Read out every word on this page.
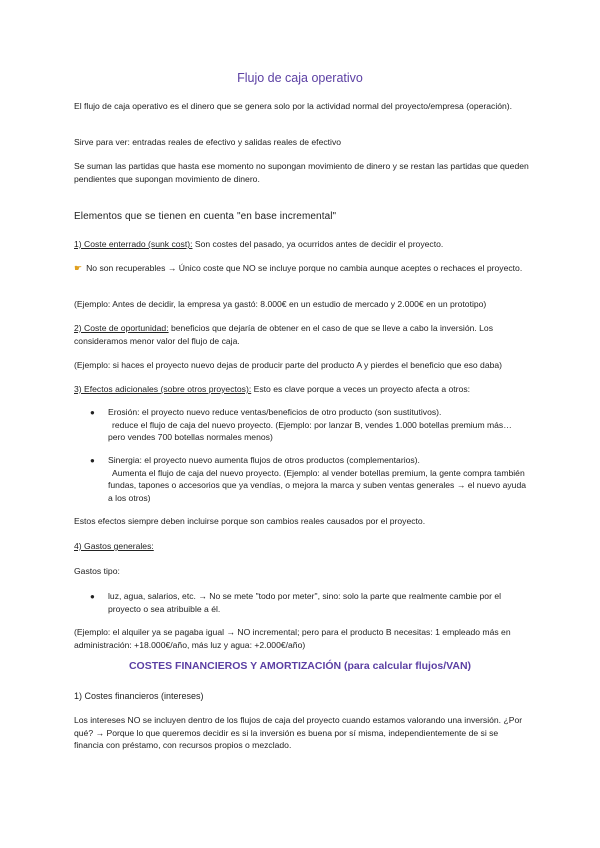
Flujo de caja operativo

El flujo de caja operativo es el dinero que se genera solo por la actividad normal del proyecto/empresa (operación).

Sirve para ver: entradas reales de efectivo y salidas reales de efectivo

Se suman las partidas que hasta ese momento no supongan movimiento de dinero y se restan las partidas que queden pendientes que supongan movimiento de dinero.

Elementos que se tienen en cuenta "en base incremental"

1) Coste enterrado (sunk cost): Son costes del pasado, ya ocurridos antes de decidir el proyecto.

☛ No son recuperables → Único coste que NO se incluye porque no cambia aunque aceptes o rechaces el proyecto.

(Ejemplo: Antes de decidir, la empresa ya gastó: 8.000€ en un estudio de mercado y 2.000€ en un prototipo)

2) Coste de oportunidad: beneficios que dejaría de obtener en el caso de que se lleve a cabo la inversión. Los consideramos menor valor del flujo de caja.

(Ejemplo: si haces el proyecto nuevo dejas de producir parte del producto A y pierdes el beneficio que eso daba)

3) Efectos adicionales (sobre otros proyectos): Esto es clave porque a veces un proyecto afecta a otros:

● Erosión: el proyecto nuevo reduce ventas/beneficios de otro producto (son sustitutivos).
reduce el flujo de caja del nuevo proyecto. (Ejemplo: por lanzar B, vendes 1.000 botellas premium más… pero vendes 700 botellas normales menos)

● Sinergia: el proyecto nuevo aumenta flujos de otros productos (complementarios).
Aumenta el flujo de caja del nuevo proyecto. (Ejemplo: al vender botellas premium, la gente compra también fundas, tapones o accesorios que ya vendías, o mejora la marca y suben ventas generales → el nuevo ayuda a los otros)

Estos efectos siempre deben incluirse porque son cambios reales causados por el proyecto.

4) Gastos generales:

Gastos tipo:

● luz, agua, salarios, etc. → No se mete "todo por meter", sino: solo la parte que realmente cambie por el proyecto o sea atribuible a él.

(Ejemplo: el alquiler ya se pagaba igual → NO incremental; pero para el producto B necesitas: 1 empleado más en administración: +18.000€/año, más luz y agua: +2.000€/año)

COSTES FINANCIEROS Y AMORTIZACIÓN (para calcular flujos/VAN)

1) Costes financieros (intereses)

Los intereses NO se incluyen dentro de los flujos de caja del proyecto cuando estamos valorando una inversión. ¿Por qué? → Porque lo que queremos decidir es si la inversión es buena por sí misma, independientemente de si se financia con préstamo, con recursos propios o mezclado.
